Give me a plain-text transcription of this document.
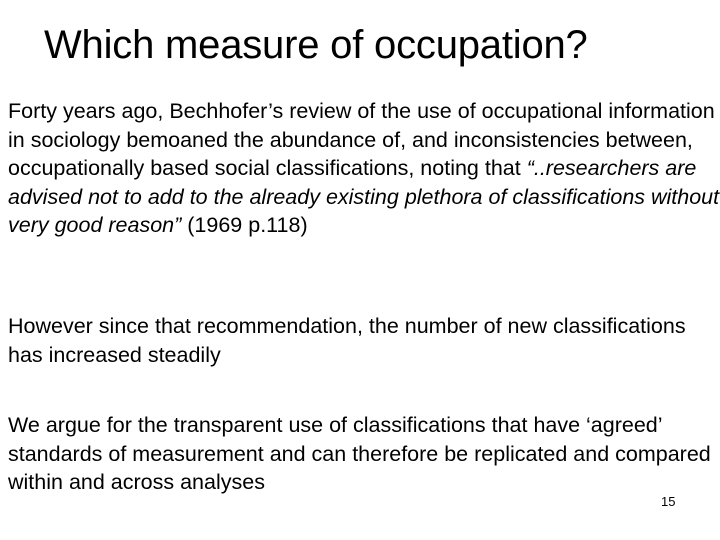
Which measure of occupation?

Forty years ago, Bechhofer’s review of the use of occupational information in sociology bemoaned the abundance of, and inconsistencies between, occupationally based social classifications, noting that “..researchers are advised not to add to the already existing plethora of classifications without very good reason” (1969 p.118)

However since that recommendation, the number of new classifications has increased steadily

We argue for the transparent use of classifications that have ‘agreed’ standards of measurement and can therefore be replicated and compared within and across analyses

15
